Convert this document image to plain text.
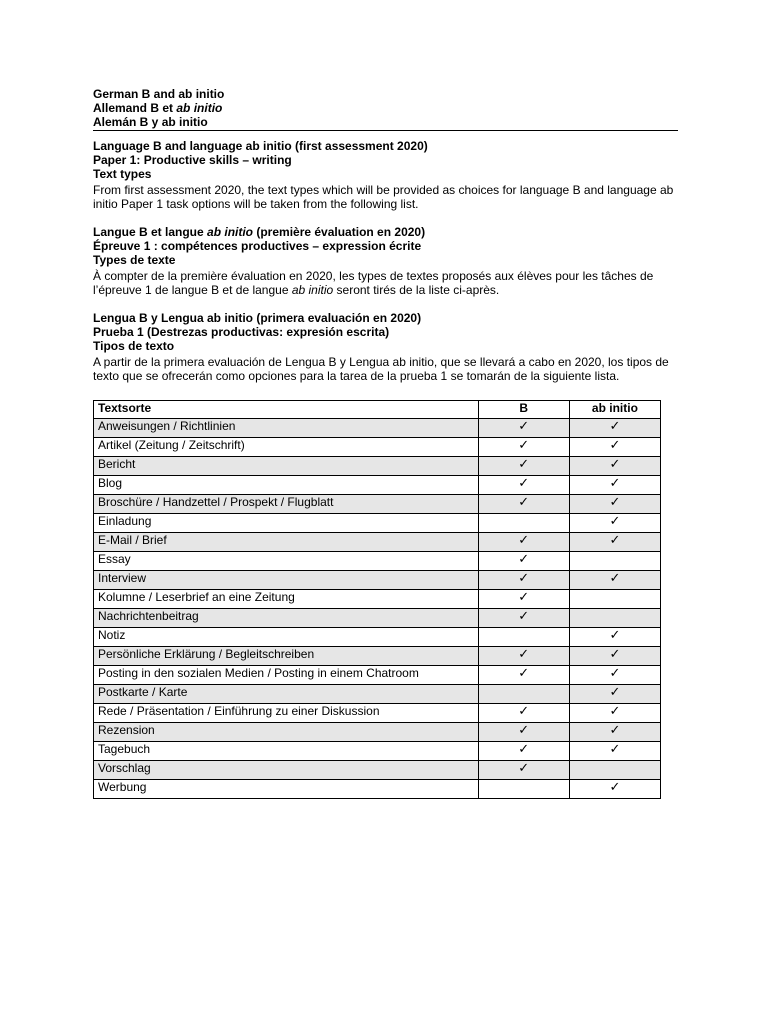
German B and ab initio
Allemand B et ab initio
Alemán B y ab initio
Language B and language ab initio (first assessment 2020)
Paper 1: Productive skills – writing
Text types
From first assessment 2020, the text types which will be provided as choices for language B and language ab initio Paper 1 task options will be taken from the following list.
Langue B et langue ab initio (première évaluation en 2020)
Épreuve 1 : compétences productives – expression écrite
Types de texte
À compter de la première évaluation en 2020, les types de textes proposés aux élèves pour les tâches de l’épreuve 1 de langue B et de langue ab initio seront tirés de la liste ci-après.
Lengua B y Lengua ab initio (primera evaluación en 2020)
Prueba 1 (Destrezas productivas: expresión escrita)
Tipos de texto
A partir de la primera evaluación de Lengua B y Lengua ab initio, que se llevará a cabo en 2020, los tipos de texto que se ofrecerán como opciones para la tarea de la prueba 1 se tomarán de la siguiente lista.
Textsorte	B	ab initio
Anweisungen / Richtlinien	✓	✓
Artikel (Zeitung / Zeitschrift)	✓	✓
Bericht	✓	✓
Blog	✓	✓
Broschüre / Handzettel / Prospekt / Flugblatt	✓	✓
Einladung		✓
E-Mail / Brief	✓	✓
Essay	✓	
Interview	✓	✓
Kolumne / Leserbrief an eine Zeitung	✓	
Nachrichtenbeitrag	✓	
Notiz		✓
Persönliche Erklärung / Begleitschreiben	✓	✓
Posting in den sozialen Medien / Posting in einem Chatroom	✓	✓
Postkarte / Karte		✓
Rede / Präsentation / Einführung zu einer Diskussion	✓	✓
Rezension	✓	✓
Tagebuch	✓	✓
Vorschlag	✓	
Werbung		✓
